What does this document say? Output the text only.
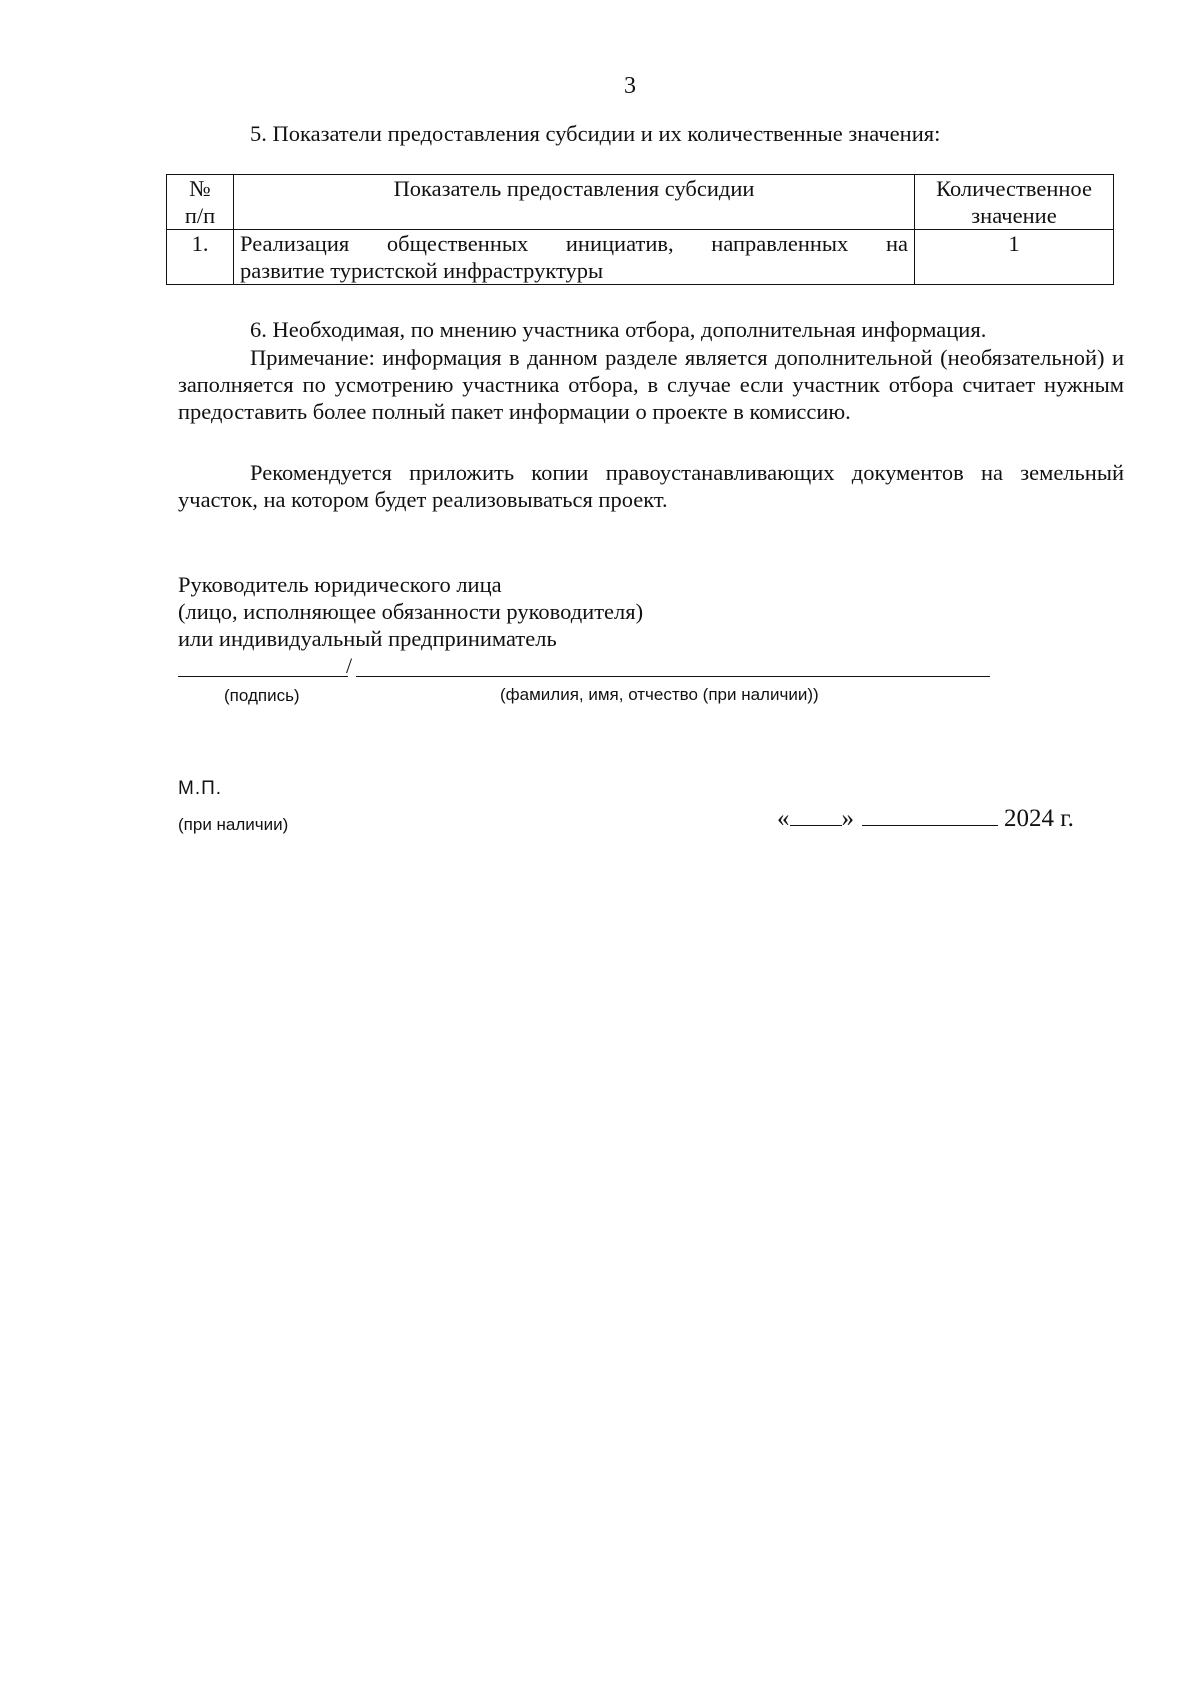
3

5. Показатели предоставления субсидии и их количественные значения:

№
п/п	Показатель предоставления субсидии	Количественное
значение

1.	Реализация общественных инициатив, направленных на
развитие туристской инфраструктуры	1

6. Необходимая, по мнению участника отбора, дополнительная информация.

Примечание: информация в данном разделе является дополнительной (необязательной) и заполняется по усмотрению участника отбора, в случае если участник отбора считает нужным предоставить более полный пакет информации о проекте в комиссию.

Рекомендуется приложить копии правоустанавливающих документов на земельный участок, на котором будет реализовываться проект.

Руководитель юридического лица
(лицо, исполняющее обязанности руководителя)
или индивидуальный предприниматель
/
(подпись)	(фамилия, имя, отчество (при наличии))
М.П.
(при наличии)	« »	2024 г.
